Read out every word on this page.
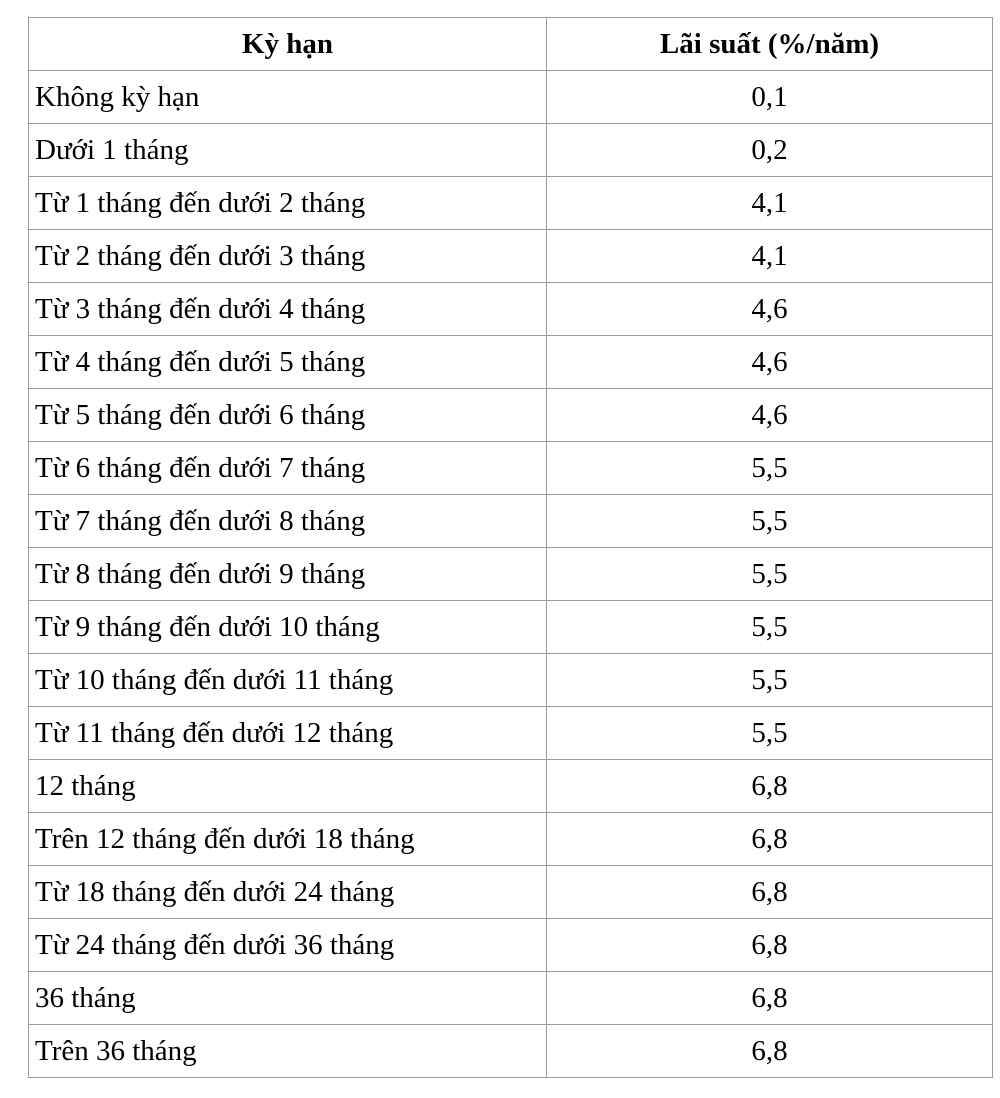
Kỳ hạn	Lãi suất (%/năm)
Không kỳ hạn	0,1
Dưới 1 tháng	0,2
Từ 1 tháng đến dưới 2 tháng	4,1
Từ 2 tháng đến dưới 3 tháng	4,1
Từ 3 tháng đến dưới 4 tháng	4,6
Từ 4 tháng đến dưới 5 tháng	4,6
Từ 5 tháng đến dưới 6 tháng	4,6
Từ 6 tháng đến dưới 7 tháng	5,5
Từ 7 tháng đến dưới 8 tháng	5,5
Từ 8 tháng đến dưới 9 tháng	5,5
Từ 9 tháng đến dưới 10 tháng	5,5
Từ 10 tháng đến dưới 11 tháng	5,5
Từ 11 tháng đến dưới 12 tháng	5,5
12 tháng	6,8
Trên 12 tháng đến dưới 18 tháng	6,8
Từ 18 tháng đến dưới 24 tháng	6,8
Từ 24 tháng đến dưới 36 tháng	6,8
36 tháng	6,8
Trên 36 tháng	6,8
